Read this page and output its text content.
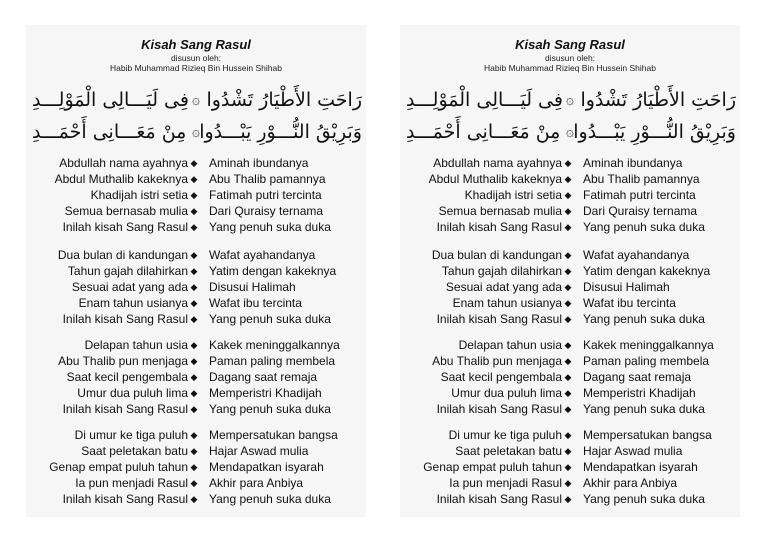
Kisah Sang Rasul
disusun oleh:
Habib Muhammad Rizieq Bin Hussein Shihab
فِى لَيَـــالِى الْمَوْلِـــدِ ۞ رَاحَتِ الأَطْيَارُ تَشْدُوا
مِنْ مَعَـــانِى أَحْمَـــدِ ۞ وَبَرِيْقُ النُّـــوْرِ يَبْـــدُوا
Abdullah nama ayahnya ◆ Aminah ibundanya
Abdul Muthalib kakeknya ◆ Abu Thalib pamannya
Khadijah istri setia ◆ Fatimah putri tercinta
Semua bernasab mulia ◆ Dari Quraisy ternama
Inilah kisah Sang Rasul ◆ Yang penuh suka duka
Dua bulan di kandungan ◆ Wafat ayahandanya
Tahun gajah dilahirkan ◆ Yatim dengan kakeknya
Sesuai adat yang ada ◆ Disusui Halimah
Enam tahun usianya ◆ Wafat ibu tercinta
Inilah kisah Sang Rasul ◆ Yang penuh suka duka
Delapan tahun usia ◆ Kakek meninggalkannya
Abu Thalib pun menjaga ◆ Paman paling membela
Saat kecil pengembala ◆ Dagang saat remaja
Umur dua puluh lima ◆ Memperistri Khadijah
Inilah kisah Sang Rasul ◆ Yang penuh suka duka
Di umur ke tiga puluh ◆ Mempersatukan bangsa
Saat peletakan batu ◆ Hajar Aswad mulia
Genap empat puluh tahun ◆ Mendapatkan isyarah
Ia pun menjadi Rasul ◆ Akhir para Anbiya
Inilah kisah Sang Rasul ◆ Yang penuh suka duka
Kisah Sang Rasul
disusun oleh:
Habib Muhammad Rizieq Bin Hussein Shihab
فِى لَيَـــالِى الْمَوْلِـــدِ ۞ رَاحَتِ الأَطْيَارُ تَشْدُوا
مِنْ مَعَـــانِى أَحْمَـــدِ ۞ وَبَرِيْقُ النُّـــوْرِ يَبْـــدُوا
Abdullah nama ayahnya ◆ Aminah ibundanya
Abdul Muthalib kakeknya ◆ Abu Thalib pamannya
Khadijah istri setia ◆ Fatimah putri tercinta
Semua bernasab mulia ◆ Dari Quraisy ternama
Inilah kisah Sang Rasul ◆ Yang penuh suka duka
Dua bulan di kandungan ◆ Wafat ayahandanya
Tahun gajah dilahirkan ◆ Yatim dengan kakeknya
Sesuai adat yang ada ◆ Disusui Halimah
Enam tahun usianya ◆ Wafat ibu tercinta
Inilah kisah Sang Rasul ◆ Yang penuh suka duka
Delapan tahun usia ◆ Kakek meninggalkannya
Abu Thalib pun menjaga ◆ Paman paling membela
Saat kecil pengembala ◆ Dagang saat remaja
Umur dua puluh lima ◆ Memperistri Khadijah
Inilah kisah Sang Rasul ◆ Yang penuh suka duka
Di umur ke tiga puluh ◆ Mempersatukan bangsa
Saat peletakan batu ◆ Hajar Aswad mulia
Genap empat puluh tahun ◆ Mendapatkan isyarah
Ia pun menjadi Rasul ◆ Akhir para Anbiya
Inilah kisah Sang Rasul ◆ Yang penuh suka duka
